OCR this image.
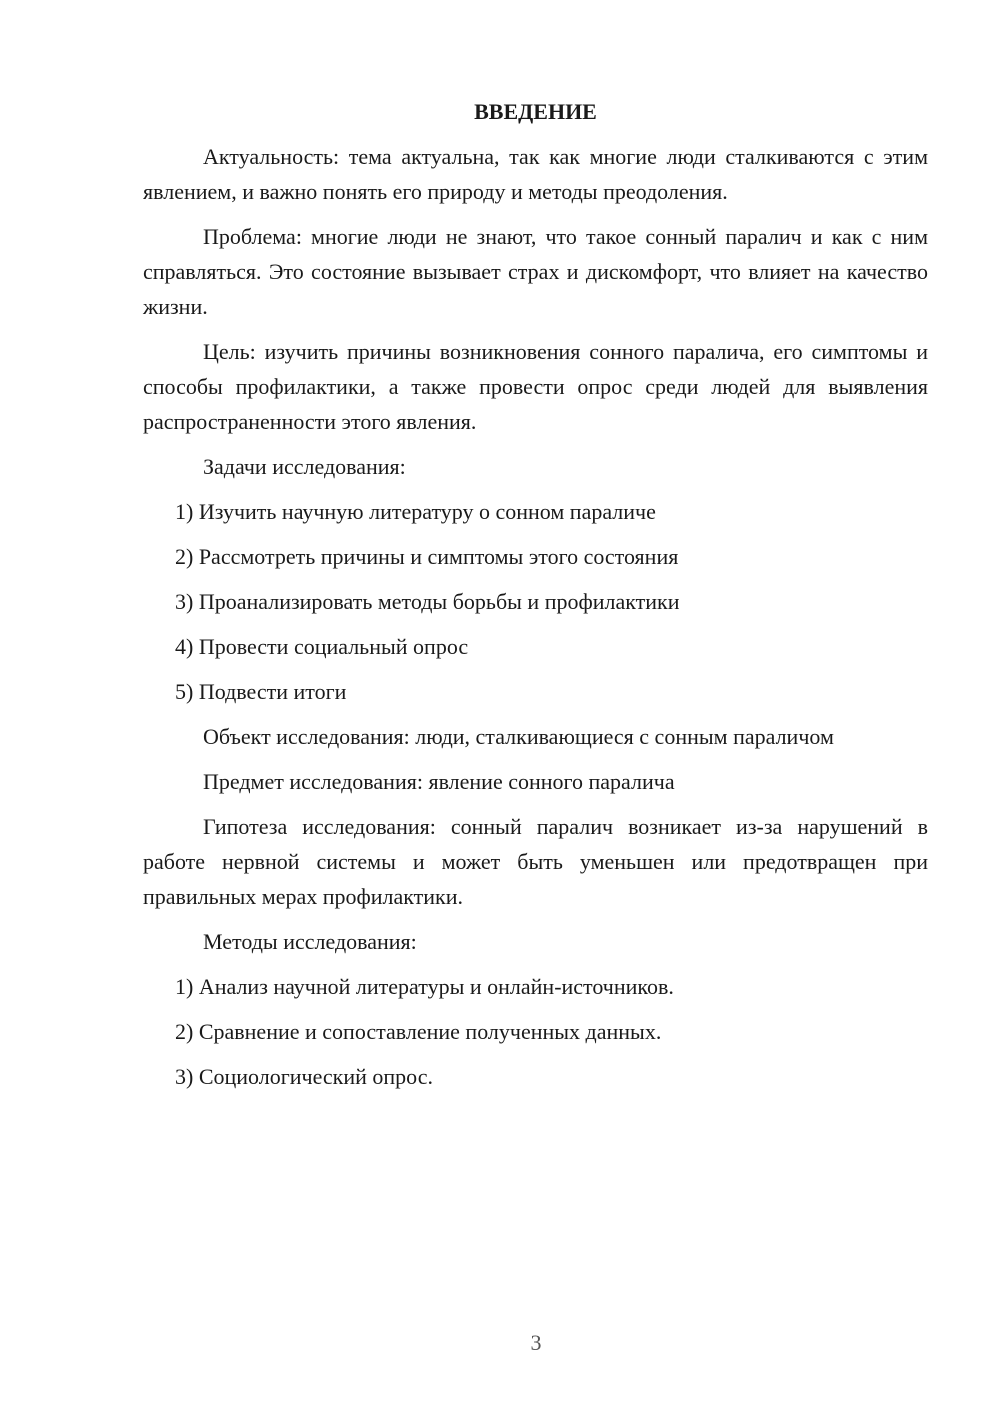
ВВЕДЕНИЕ

Актуальность: тема актуальна, так как многие люди сталкиваются с этим явлением, и важно понять его природу и методы преодоления.

Проблема: многие люди не знают, что такое сонный паралич и как с ним справляться. Это состояние вызывает страх и дискомфорт, что влияет на качество жизни.

Цель: изучить причины возникновения сонного паралича, его симптомы и способы профилактики, а также провести опрос среди людей для выявления распространенности этого явления.

Задачи исследования:

1) Изучить научную литературу о сонном параличе

2) Рассмотреть причины и симптомы этого состояния

3) Проанализировать методы борьбы и профилактики

4) Провести социальный опрос

5) Подвести итоги

Объект исследования: люди, сталкивающиеся с сонным параличом

Предмет исследования: явление сонного паралича

Гипотеза исследования: сонный паралич возникает из-за нарушений в работе нервной системы и может быть уменьшен или предотвращен при правильных мерах профилактики.

Методы исследования:

1) Анализ научной литературы и онлайн-источников.

2) Сравнение и сопоставление полученных данных.

3) Социологический опрос.

3
